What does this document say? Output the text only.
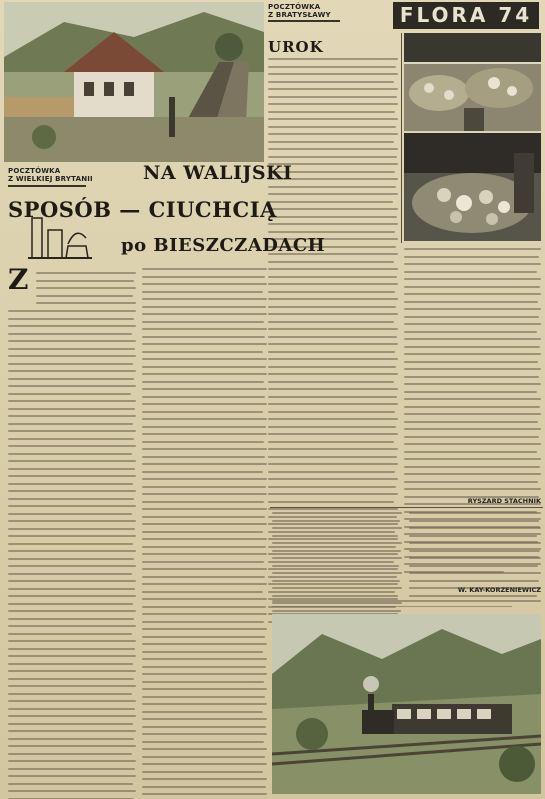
POCZTÓWKA
Z BRATYSŁAWY	FLORA 74
UROK
POCZTÓWKA
Z WIELKIEJ BRYTANII	NA WALIJSKI
SPOSÓB — CIUCHCIĄ
po BIESZCZADACH
Z
RYSZARD STACHNIK
W. KAY-KORZENIEWICZ
